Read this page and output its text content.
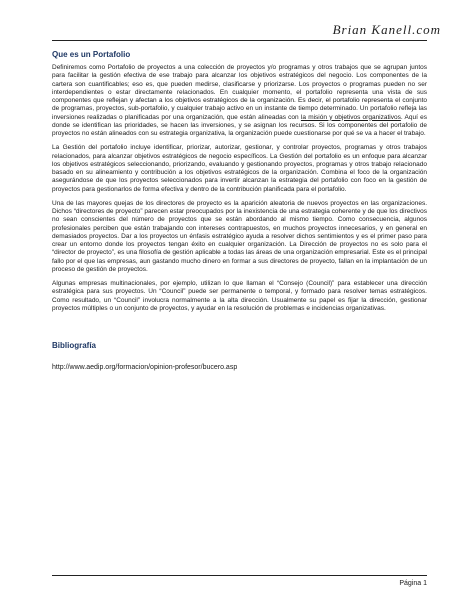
Brian Kanell.com
Que es un Portafolio

Definiremos como Portafolio de proyectos a una colección de proyectos y/o programas y otros trabajos que se agrupan juntos para facilitar la gestión efectiva de ese trabajo para alcanzar los objetivos estratégicos del negocio. Los componentes de la cartera son cuantificables; eso es, que pueden medirse, clasificarse y priorizarse. Los proyectos o programas pueden no ser interdependientes o estar directamente relacionados. En cualquier momento, el portafolio representa una vista de sus componentes que reflejan y afectan a los objetivos estratégicos de la organización. Es decir, el portafolio representa el conjunto de programas, proyectos, sub-portafolio, y cualquier trabajo activo en un instante de tiempo determinado. Un portafolio refleja las inversiones realizadas o planificadas por una organización, que están alineadas con la misión y objetivos organizativos. Aquí es donde se identifican las prioridades, se hacen las inversiones, y se asignan los recursos. Si los componentes del portafolio de proyectos no están alineados con su estrategia organizativa, la organización puede cuestionarse por qué se va a hacer el trabajo.

La Gestión del portafolio incluye identificar, priorizar, autorizar, gestionar, y controlar proyectos, programas y otros trabajos relacionados, para alcanzar objetivos estratégicos de negocio específicos. La Gestión del portafolio es un enfoque para alcanzar los objetivos estratégicos seleccionando, priorizando, evaluando y gestionando proyectos, programas y otros trabajo relacionado basado en su alineamiento y contribución a los objetivos estratégicos de la organización. Combina el foco de la organización asegurándose de que los proyectos seleccionados para invertir alcanzan la estrategia del portafolio con foco en la gestión de proyectos para gestionarlos de forma efectiva y dentro de la contribución planificada para el portafolio.

Una de las mayores quejas de los directores de proyecto es la aparición aleatoria de nuevos proyectos en las organizaciones. Dichos “directores de proyecto” parecen estar preocupados por la inexistencia de una estrategia coherente y de que los directivos no sean conscientes del número de proyectos que se están abordando al mismo tiempo. Como consecuencia, algunos profesionales perciben que están trabajando con intereses contrapuestos, en muchos proyectos innecesarios, y en general en demasiados proyectos. Dar a los proyectos un énfasis estratégico ayuda a resolver dichos sentimientos y es el primer paso para crear un entorno donde los proyectos tengan éxito en cualquier organización. La Dirección de proyectos no es solo para el “director de proyecto”, es una filosofía de gestión aplicable a todas las áreas de una organización empresarial. Este es el principal fallo por el que las empresas, aun gastando mucho dinero en formar a sus directores de proyecto, fallan en la implantación de un proceso de gestión de proyectos.

Algunas empresas multinacionales, por ejemplo, utilizan lo que llaman el “Consejo (Council)” para establecer una dirección estratégica para sus proyectos. Un “Council” puede ser permanente o temporal, y formado para resolver temas estratégicos. Como resultado, un “Council” involucra normalmente a la alta dirección. Usualmente su papel es fijar la dirección, gestionar proyectos múltiples o un conjunto de proyectos, y ayudar en la resolución de problemas e incidencias organizativas.

Bibliografía
http://www.aedip.org/formacion/opinion-profesor/bucero.asp
Página 1
